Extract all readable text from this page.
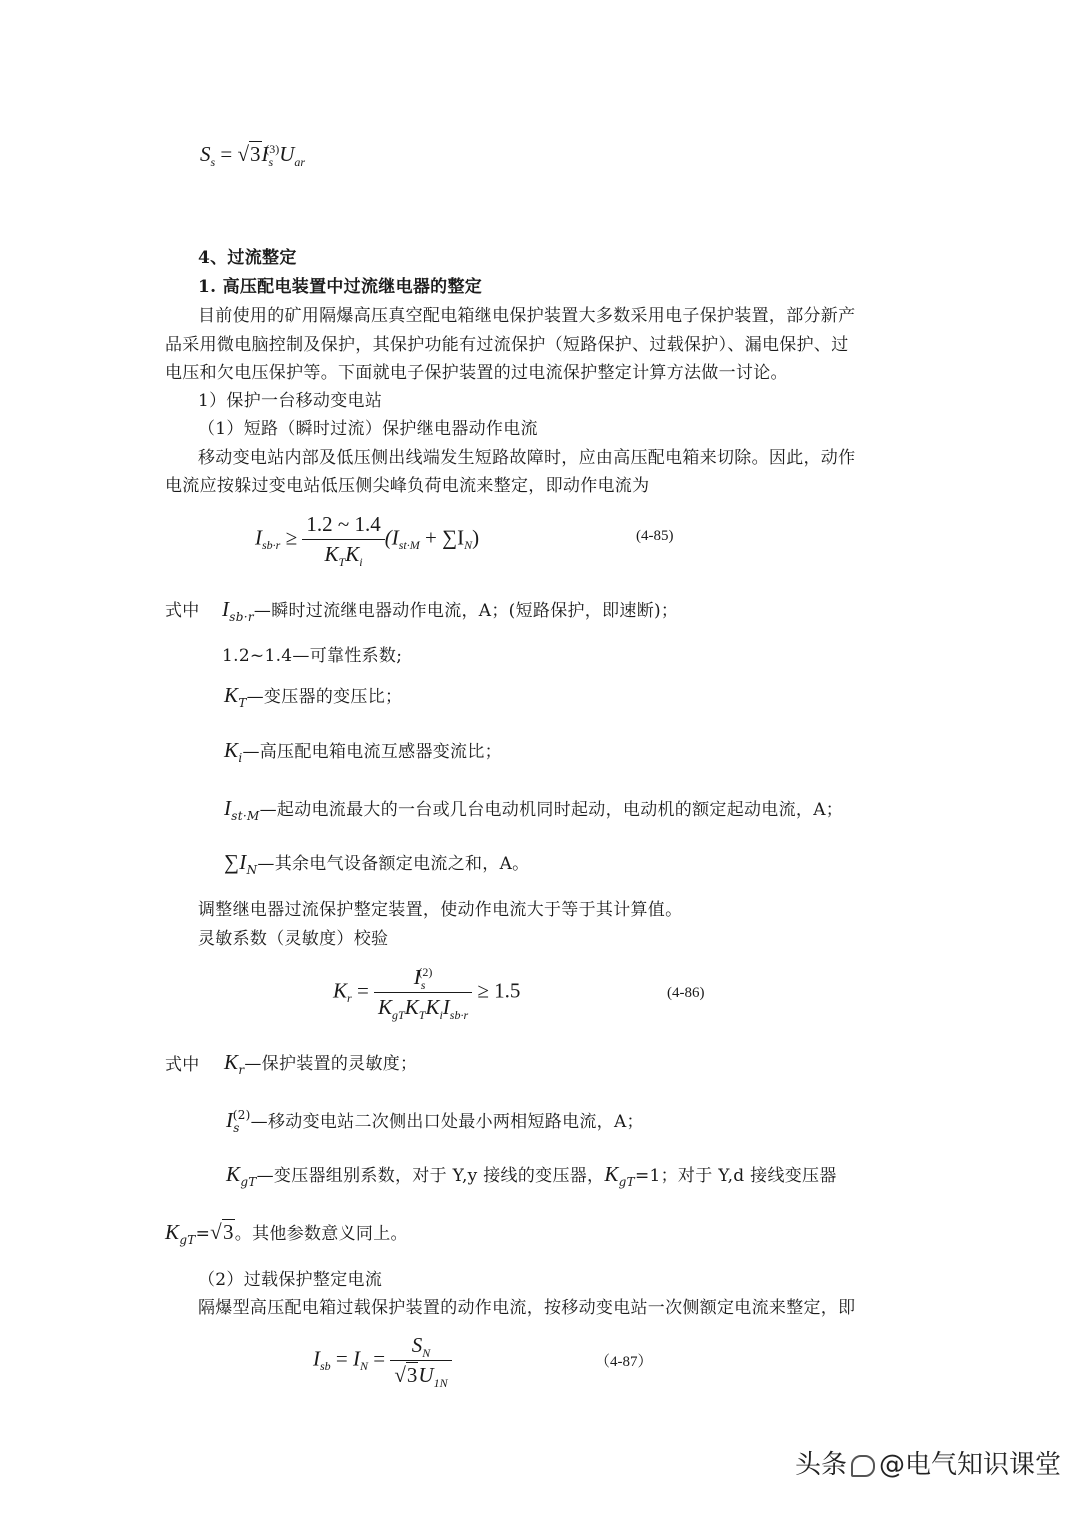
$S_s = √3I_s^{(3)}U_{ar}$
4、过流整定
1. 高压配电装置中过流继电器的整定
目前使用的矿用隔爆高压真空配电箱继电保护装置大多数采用电子保护装置，部分新产
品采用微电脑控制及保护，其保护功能有过流保护（短路保护、过载保护）、漏电保护、过
电压和欠电压保护等。下面就电子保护装置的过电流保护整定计算方法做一讨论。
1）保护一台移动变电站
（1）短路（瞬时过流）保护继电器动作电流
移动变电站内部及低压侧出线端发生短路故障时，应由高压配电箱来切除。因此，动作
电流应按躲过变电站低压侧尖峰负荷电流来整定，即动作电流为
$I_{sb\cdot r} \ge \frac{1.2 \sim 1.4}{K_TK_i} (I_{st\cdot M} + \sum I_N)$	(4-85)
式中 $I_{sb\cdot r}—$瞬时过流继电器动作电流，A；(短路保护，即速断)；
1.2~1.4—可靠性系数;
$K_T—$变压器的变压比；
$K_i—$高压配电箱电流互感器变流比；
$I_{st\cdot M}—$起动电流最大的一台或几台电动机同时起动，电动机的额定起动电流，A；
$\sum I_N—$其余电气设备额定电流之和，A。
调整继电器过流保护整定装置，使动作电流大于等于其计算值。
灵敏系数（灵敏度）校验
$K_r = \frac{I_s^{(2)}}{K_{gT}K_TK_iI_{sb\cdot r}} \ge 1.5$	(4-86)
式中 $K_r—$保护装置的灵敏度；
$I_s^{(2)}—$移动变电站二次侧出口处最小两相短路电流，A；
$K_{gT}—$变压器组别系数，对于 Y,y 接线的变压器，$K_{gT}=1$；对于 Y,d 接线变压器
$K_{gT}=√3$。其他参数意义同上。
（2）过载保护整定电流
隔爆型高压配电箱过载保护装置的动作电流，按移动变电站一次侧额定电流来整定，即
$I_{sb} = I_N = \frac{S_N}{√3U_{1N}}$	（4-87）
头条 @电气知识课堂
